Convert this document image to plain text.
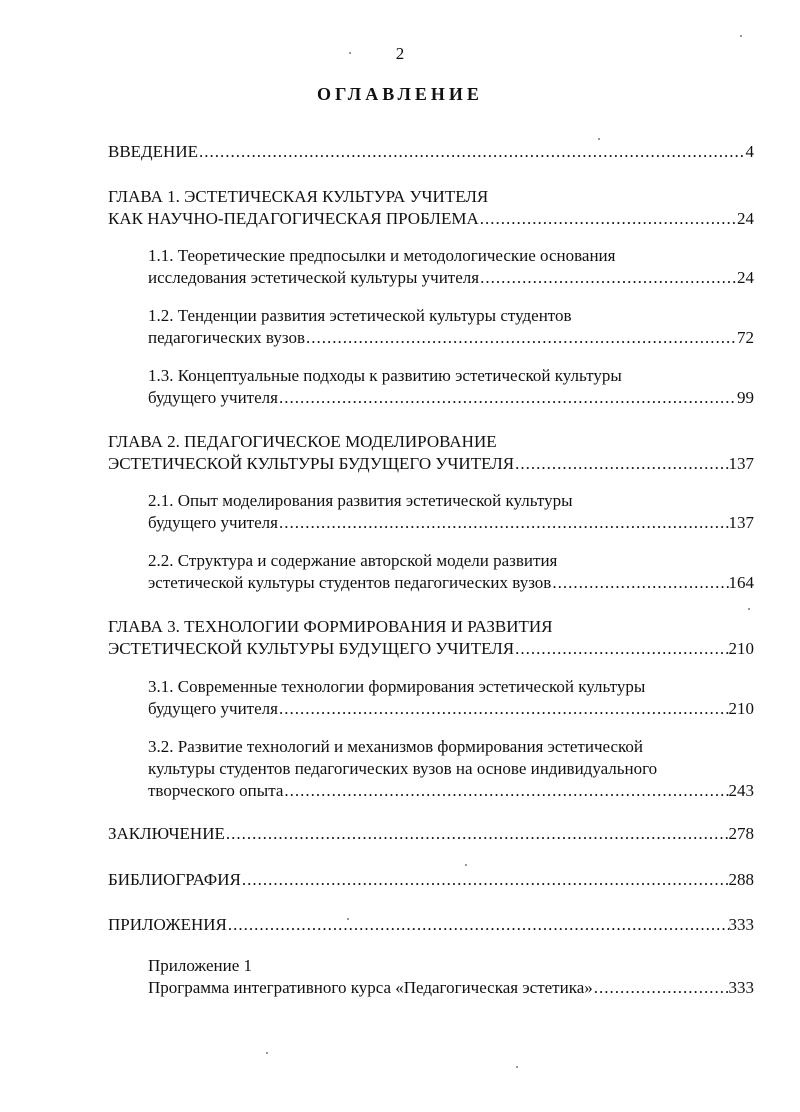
2
ОГЛАВЛЕНИЕ
ВВЕДЕНИЕ .....	4
ГЛАВА 1. ЭСТЕТИЧЕСКАЯ КУЛЬТУРА УЧИТЕЛЯ
КАК НАУЧНО-ПЕДАГОГИЧЕСКАЯ ПРОБЛЕМА .....	24
1.1. Теоретические предпосылки и методологические основания
исследования эстетической культуры учителя .....	24
1.2. Тенденции развития эстетической культуры студентов
педагогических вузов .....	72
1.3. Концептуальные подходы к развитию эстетической культуры
будущего учителя .....	99
ГЛАВА 2. ПЕДАГОГИЧЕСКОЕ МОДЕЛИРОВАНИЕ
ЭСТЕТИЧЕСКОЙ КУЛЬТУРЫ БУДУЩЕГО УЧИТЕЛЯ .....	137
2.1. Опыт моделирования развития эстетической культуры
будущего учителя .....	137
2.2. Структура и содержание авторской модели развития
эстетической культуры студентов педагогических вузов .....	164
ГЛАВА 3. ТЕХНОЛОГИИ ФОРМИРОВАНИЯ И РАЗВИТИЯ
ЭСТЕТИЧЕСКОЙ КУЛЬТУРЫ БУДУЩЕГО УЧИТЕЛЯ .....	210
3.1. Современные технологии формирования эстетической культуры
будущего учителя .....	210
3.2. Развитие технологий и механизмов формирования эстетической
культуры студентов педагогических вузов на основе индивидуального
творческого опыта .....	243
ЗАКЛЮЧЕНИЕ .....	278
БИБЛИОГРАФИЯ .....	288
ПРИЛОЖЕНИЯ .....	333
Приложение 1
Программа интегративного курса «Педагогическая эстетика» .....	333
